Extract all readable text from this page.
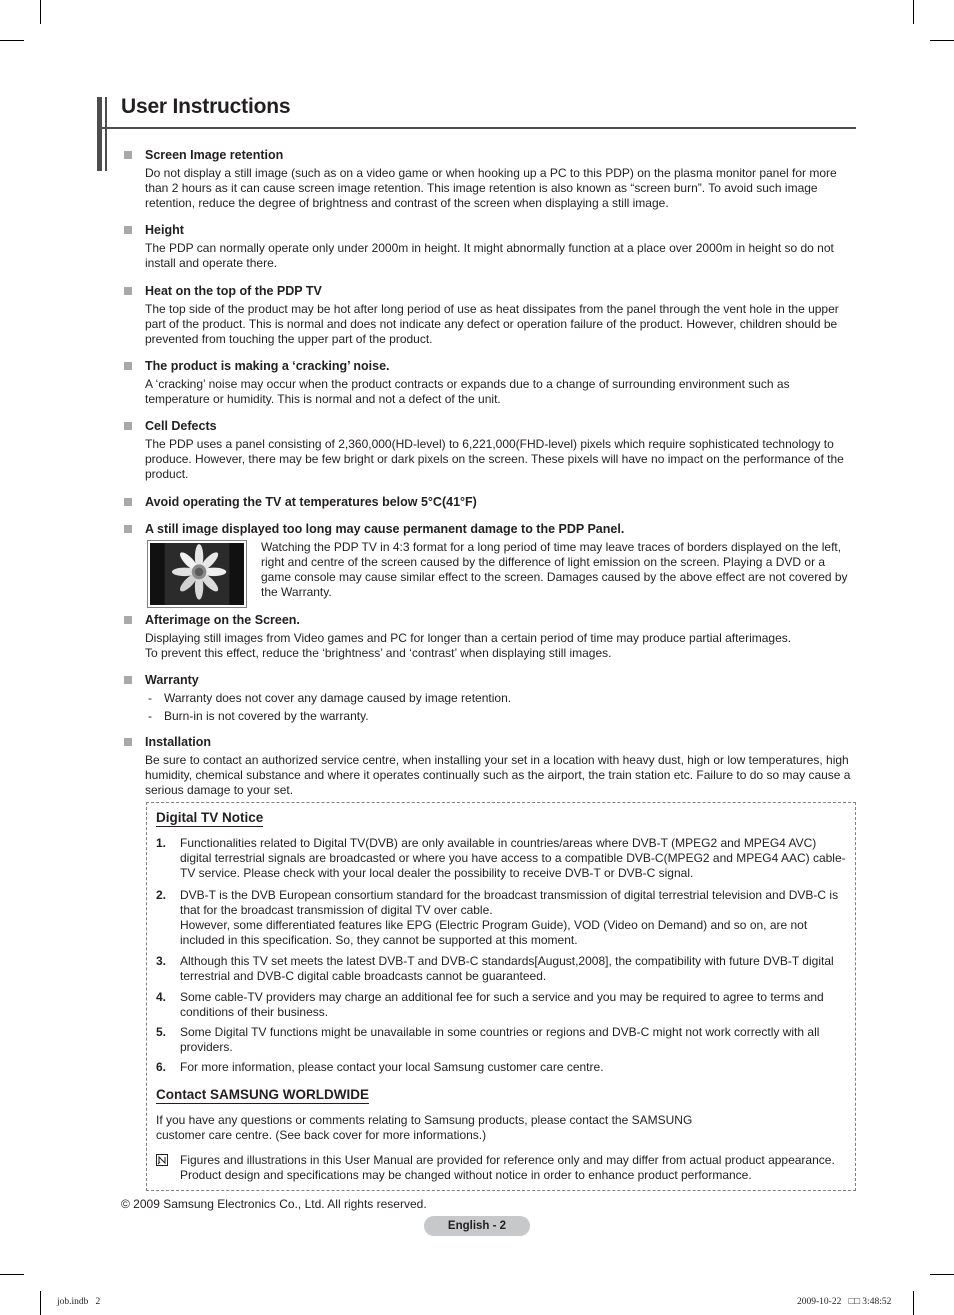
User Instructions
Screen Image retention
Do not display a still image (such as on a video game or when hooking up a PC to this PDP) on the plasma monitor panel for more than 2 hours as it can cause screen image retention. This image retention is also known as “screen burn”. To avoid such image retention, reduce the degree of brightness and contrast of the screen when displaying a still image.
Height
The PDP can normally operate only under 2000m in height. It might abnormally function at a place over 2000m in height so do not install and operate there.
Heat on the top of the PDP TV
The top side of the product may be hot after long period of use as heat dissipates from the panel through the vent hole in the upper part of the product. This is normal and does not indicate any defect or operation failure of the product. However, children should be prevented from touching the upper part of the product.
The product is making a ‘cracking’ noise.
A ‘cracking’ noise may occur when the product contracts or expands due to a change of surrounding environment such as temperature or humidity. This is normal and not a defect of the unit.
Cell Defects
The PDP uses a panel consisting of 2,360,000(HD-level) to 6,221,000(FHD-level) pixels which require sophisticated technology to produce. However, there may be few bright or dark pixels on the screen. These pixels will have no impact on the performance of the product.
Avoid operating the TV at temperatures below 5°C(41°F)
A still image displayed too long may cause permanent damage to the PDP Panel.
Watching the PDP TV in 4:3 format for a long period of time may leave traces of borders displayed on the left, right and centre of the screen caused by the difference of light emission on the screen. Playing a DVD or a game console may cause similar effect to the screen. Damages caused by the above effect are not covered by the Warranty.
Afterimage on the Screen.
Displaying still images from Video games and PC for longer than a certain period of time may produce partial afterimages.
To prevent this effect, reduce the ‘brightness’ and ‘contrast’ when displaying still images.
Warranty
- Warranty does not cover any damage caused by image retention.
- Burn-in is not covered by the warranty.
Installation
Be sure to contact an authorized service centre, when installing your set in a location with heavy dust, high or low temperatures, high humidity, chemical substance and where it operates continually such as the airport, the train station etc. Failure to do so may cause a serious damage to your set.
Digital TV Notice
1. Functionalities related to Digital TV(DVB) are only available in countries/areas where DVB-T (MPEG2 and MPEG4 AVC) digital terrestrial signals are broadcasted or where you have access to a compatible DVB-C(MPEG2 and MPEG4 AAC) cable-TV service. Please check with your local dealer the possibility to receive DVB-T or DVB-C signal.
2. DVB-T is the DVB European consortium standard for the broadcast transmission of digital terrestrial television and DVB-C is that for the broadcast transmission of digital TV over cable.
However, some differentiated features like EPG (Electric Program Guide), VOD (Video on Demand) and so on, are not included in this specification. So, they cannot be supported at this moment.
3. Although this TV set meets the latest DVB-T and DVB-C standards[August,2008], the compatibility with future DVB-T digital terrestrial and DVB-C digital cable broadcasts cannot be guaranteed.
4. Some cable-TV providers may charge an additional fee for such a service and you may be required to agree to terms and conditions of their business.
5. Some Digital TV functions might be unavailable in some countries or regions and DVB-C might not work correctly with all providers.
6. For more information, please contact your local Samsung customer care centre.
Contact SAMSUNG WORLDWIDE
If you have any questions or comments relating to Samsung products, please contact the SAMSUNG
customer care centre. (See back cover for more informations.)
Figures and illustrations in this User Manual are provided for reference only and may differ from actual product appearance. Product design and specifications may be changed without notice in order to enhance product performance.
© 2009 Samsung Electronics Co., Ltd. All rights reserved.
English - 2
job.indb   2	2009-10-22   □□ 3:48:52
